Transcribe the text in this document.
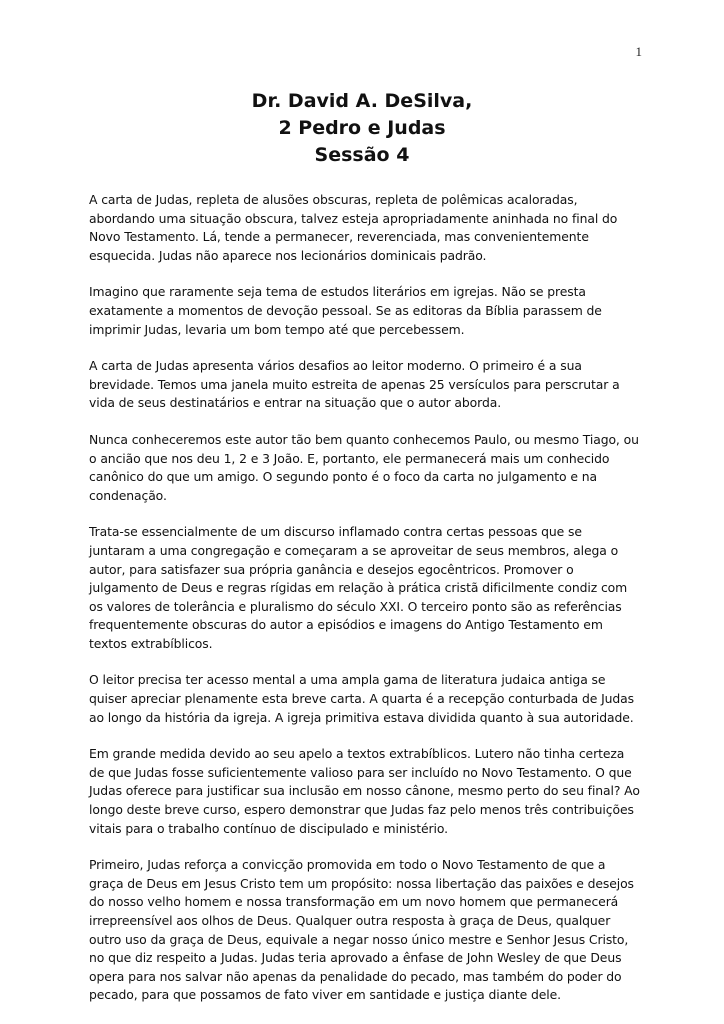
1
Dr. David A. DeSilva,
2 Pedro e Judas
Sessão 4

A carta de Judas, repleta de alusões obscuras, repleta de polêmicas acaloradas, abordando uma situação obscura, talvez esteja apropriadamente aninhada no final do Novo Testamento. Lá, tende a permanecer, reverenciada, mas convenientemente esquecida. Judas não aparece nos lecionários dominicais padrão.

Imagino que raramente seja tema de estudos literários em igrejas. Não se presta exatamente a momentos de devoção pessoal. Se as editoras da Bíblia parassem de imprimir Judas, levaria um bom tempo até que percebessem.

A carta de Judas apresenta vários desafios ao leitor moderno. O primeiro é a sua brevidade. Temos uma janela muito estreita de apenas 25 versículos para perscrutar a vida de seus destinatários e entrar na situação que o autor aborda.

Nunca conheceremos este autor tão bem quanto conhecemos Paulo, ou mesmo Tiago, ou o ancião que nos deu 1, 2 e 3 João. E, portanto, ele permanecerá mais um conhecido canônico do que um amigo. O segundo ponto é o foco da carta no julgamento e na condenação.

Trata-se essencialmente de um discurso inflamado contra certas pessoas que se juntaram a uma congregação e começaram a se aproveitar de seus membros, alega o autor, para satisfazer sua própria ganância e desejos egocêntricos. Promover o julgamento de Deus e regras rígidas em relação à prática cristã dificilmente condiz com os valores de tolerância e pluralismo do século XXI. O terceiro ponto são as referências frequentemente obscuras do autor a episódios e imagens do Antigo Testamento em textos extrabíblicos.

O leitor precisa ter acesso mental a uma ampla gama de literatura judaica antiga se quiser apreciar plenamente esta breve carta. A quarta é a recepção conturbada de Judas ao longo da história da igreja. A igreja primitiva estava dividida quanto à sua autoridade.

Em grande medida devido ao seu apelo a textos extrabíblicos. Lutero não tinha certeza de que Judas fosse suficientemente valioso para ser incluído no Novo Testamento. O que Judas oferece para justificar sua inclusão em nosso cânone, mesmo perto do seu final? Ao longo deste breve curso, espero demonstrar que Judas faz pelo menos três contribuições vitais para o trabalho contínuo de discipulado e ministério.

Primeiro, Judas reforça a convicção promovida em todo o Novo Testamento de que a graça de Deus em Jesus Cristo tem um propósito: nossa libertação das paixões e desejos do nosso velho homem e nossa transformação em um novo homem que permanecerá irrepreensível aos olhos de Deus. Qualquer outra resposta à graça de Deus, qualquer outro uso da graça de Deus, equivale a negar nosso único mestre e Senhor Jesus Cristo, no que diz respeito a Judas. Judas teria aprovado a ênfase de John Wesley de que Deus opera para nos salvar não apenas da penalidade do pecado, mas também do poder do pecado, para que possamos de fato viver em santidade e justiça diante dele.
